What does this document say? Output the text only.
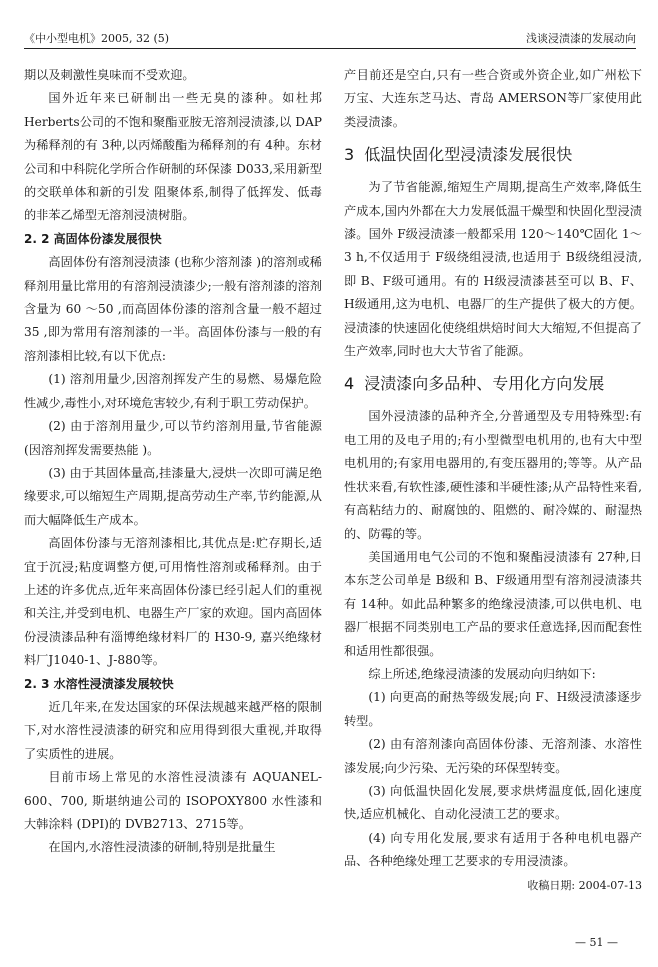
《中小型电机》2005, 32 (5)	浅谈浸渍漆的发展动向

期以及刺激性臭味而不受欢迎。

国外近年来已研制出一些无臭的漆种。如杜邦 Herberts公司的不饱和聚酯亚胺无溶剂浸渍漆,以 DAP为稀释剂的有 3种,以丙烯酸酯为稀释剂的有 4种。东材公司和中科院化学所合作研制的环保漆 D033,采用新型的交联单体和新的引发 阻聚体系,制得了低挥发、低毒的非苯乙烯型无溶剂浸渍树脂。

2. 2 高固体份漆发展很快

高固体份有溶剂浸渍漆 (也称少溶剂漆 )的溶剂或稀释剂用量比常用的有溶剂浸渍漆少;一般有溶剂漆的溶剂含量为 60 ～50 ,而高固体份漆的溶剂含量一般不超过 35 ,即为常用有溶剂漆的一半。高固体份漆与一般的有溶剂漆相比较,有以下优点:

(1) 溶剂用量少,因溶剂挥发产生的易燃、易爆危险性减少,毒性小,对环境危害较少,有利于职工劳动保护。

(2) 由于溶剂用量少,可以节约溶剂用量,节省能源 (因溶剂挥发需要热能 )。

(3) 由于其固体量高,挂漆量大,浸烘一次即可满足绝缘要求,可以缩短生产周期,提高劳动生产率,节约能源,从而大幅降低生产成本。

高固体份漆与无溶剂漆相比,其优点是:贮存期长,适宜于沉浸;粘度调整方便,可用惰性溶剂或稀释剂。由于上述的许多优点,近年来高固体份漆已经引起人们的重视和关注,并受到电机、电器生产厂家的欢迎。国内高固体份浸渍漆品种有淄博绝缘材料厂的 H30-9, 嘉兴绝缘材料厂J1040-1、J-880等。

2. 3 水溶性浸渍漆发展较快

近几年来,在发达国家的环保法规越来越严格的限制下,对水溶性浸渍漆的研究和应用得到很大重视,并取得了实质性的进展。

目前市场上常见的水溶性浸渍漆有 AQUANEL-600、700, 斯堪纳迪公司的 ISOPOXY800 水性漆和大韩涂料 (DPI)的 DVB2713、2715等。

在国内,水溶性浸渍漆的研制,特别是批量生

产目前还是空白,只有一些合资或外资企业,如广州松下万宝、大连东芝马达、青岛 AMERSON等厂家使用此类浸渍漆。

3 低温快固化型浸渍漆发展很快

为了节省能源,缩短生产周期,提高生产效率,降低生产成本,国内外都在大力发展低温干燥型和快固化型浸渍漆。国外 F级浸渍漆一般都采用 120～140℃固化 1～3 h,不仅适用于 F级绕组浸渍,也适用于 B级绕组浸渍,即 B、F级可通用。有的 H级浸渍漆甚至可以 B、F、H级通用,这为电机、电器厂的生产提供了极大的方便。浸渍漆的快速固化使绕组烘焙时间大大缩短,不但提高了生产效率,同时也大大节省了能源。

4 浸渍漆向多品种、专用化方向发展

国外浸渍漆的品种齐全,分普通型及专用特殊型:有电工用的及电子用的;有小型微型电机用的,也有大中型电机用的;有家用电器用的,有变压器用的;等等。从产品性状来看,有软性漆,硬性漆和半硬性漆;从产品特性来看,有高粘结力的、耐腐蚀的、阻燃的、耐冷媒的、耐湿热的、防霉的等。

美国通用电气公司的不饱和聚酯浸渍漆有 27种,日本东芝公司单是 B级和 B、F级通用型有溶剂浸渍漆共有 14种。如此品种繁多的绝缘浸渍漆,可以供电机、电器厂根据不同类别电工产品的要求任意选择,因而配套性和适用性都很强。

综上所述,绝缘浸渍漆的发展动向归纳如下:

(1) 向更高的耐热等级发展;向 F、H级浸渍漆逐步转型。

(2) 由有溶剂漆向高固体份漆、无溶剂漆、水溶性漆发展;向少污染、无污染的环保型转变。

(3) 向低温快固化发展,要求烘烤温度低,固化速度快,适应机械化、自动化浸渍工艺的要求。

(4) 向专用化发展,要求有适用于各种电机电器产品、各种绝缘处理工艺要求的专用浸渍漆。

收稿日期: 2004-07-13

— 51 —
